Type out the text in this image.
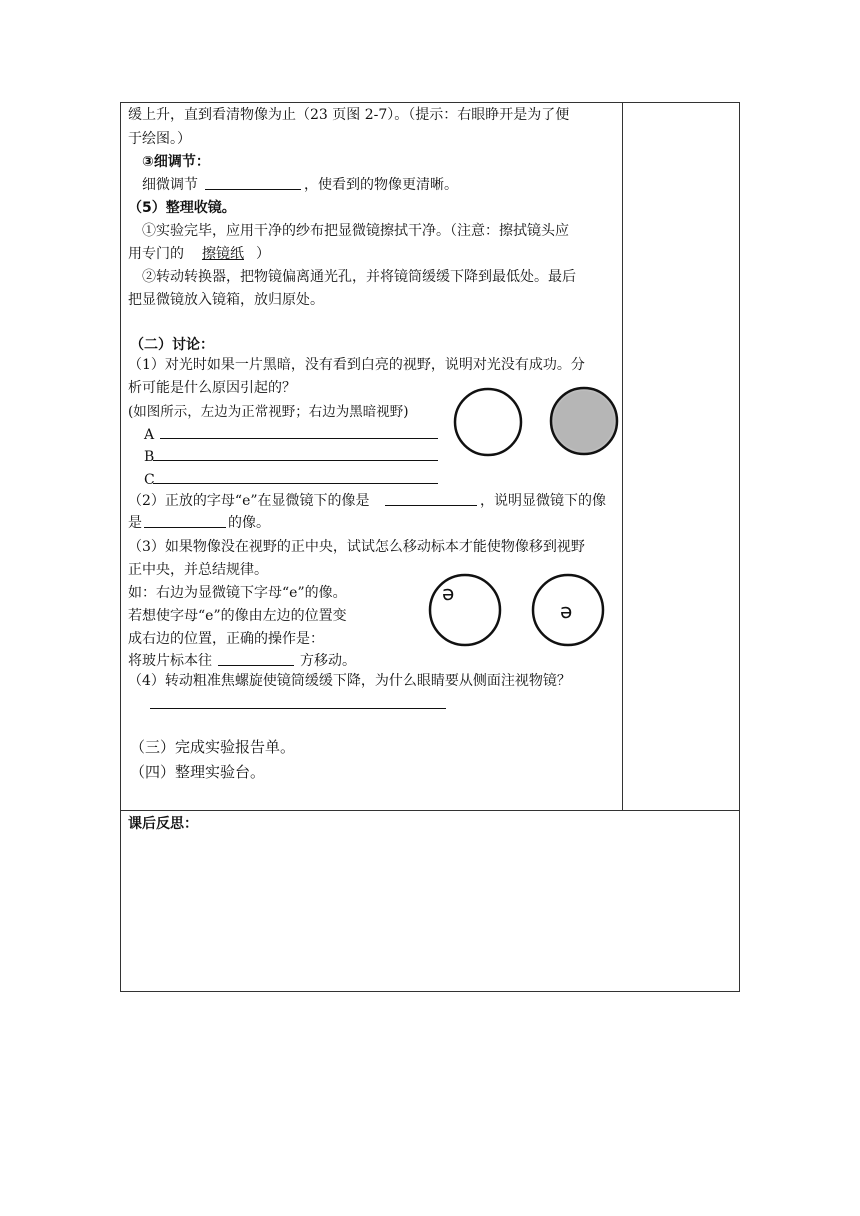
缓上升，直到看清物像为止（23 页图 2-7）。（提示：右眼睁开是为了便
于绘图。）
③细调节：
细微调节	，使看到的物像更清晰。
（5）整理收镜。
①实验完毕，应用干净的纱布把显微镜擦拭干净。（注意：擦拭镜头应
用专门的	擦镜纸 ）
②转动转换器，把物镜偏离通光孔，并将镜筒缓缓下降到最低处。最后
把显微镜放入镜箱，放归原处。
（二）讨论：
（1）对光时如果一片黑暗，没有看到白亮的视野，说明对光没有成功。分
析可能是什么原因引起的？
(如图所示，左边为正常视野；右边为黑暗视野)
A
B
C
（2）正放的字母“e”在显微镜下的像是	，说明显微镜下的像
是	的像。
（3）如果物像没在视野的正中央，试试怎么移动标本才能使物像移到视野
正中央，并总结规律。
如：右边为显微镜下字母“e”的像。
若想使字母“e”的像由左边的位置变
成右边的位置，正确的操作是：
将玻片标本往	方移动。
ə
ə
（4）转动粗准焦螺旋使镜筒缓缓下降，为什么眼睛要从侧面注视物镜？
（三）完成实验报告单。
（四）整理实验台。
课后反思：
